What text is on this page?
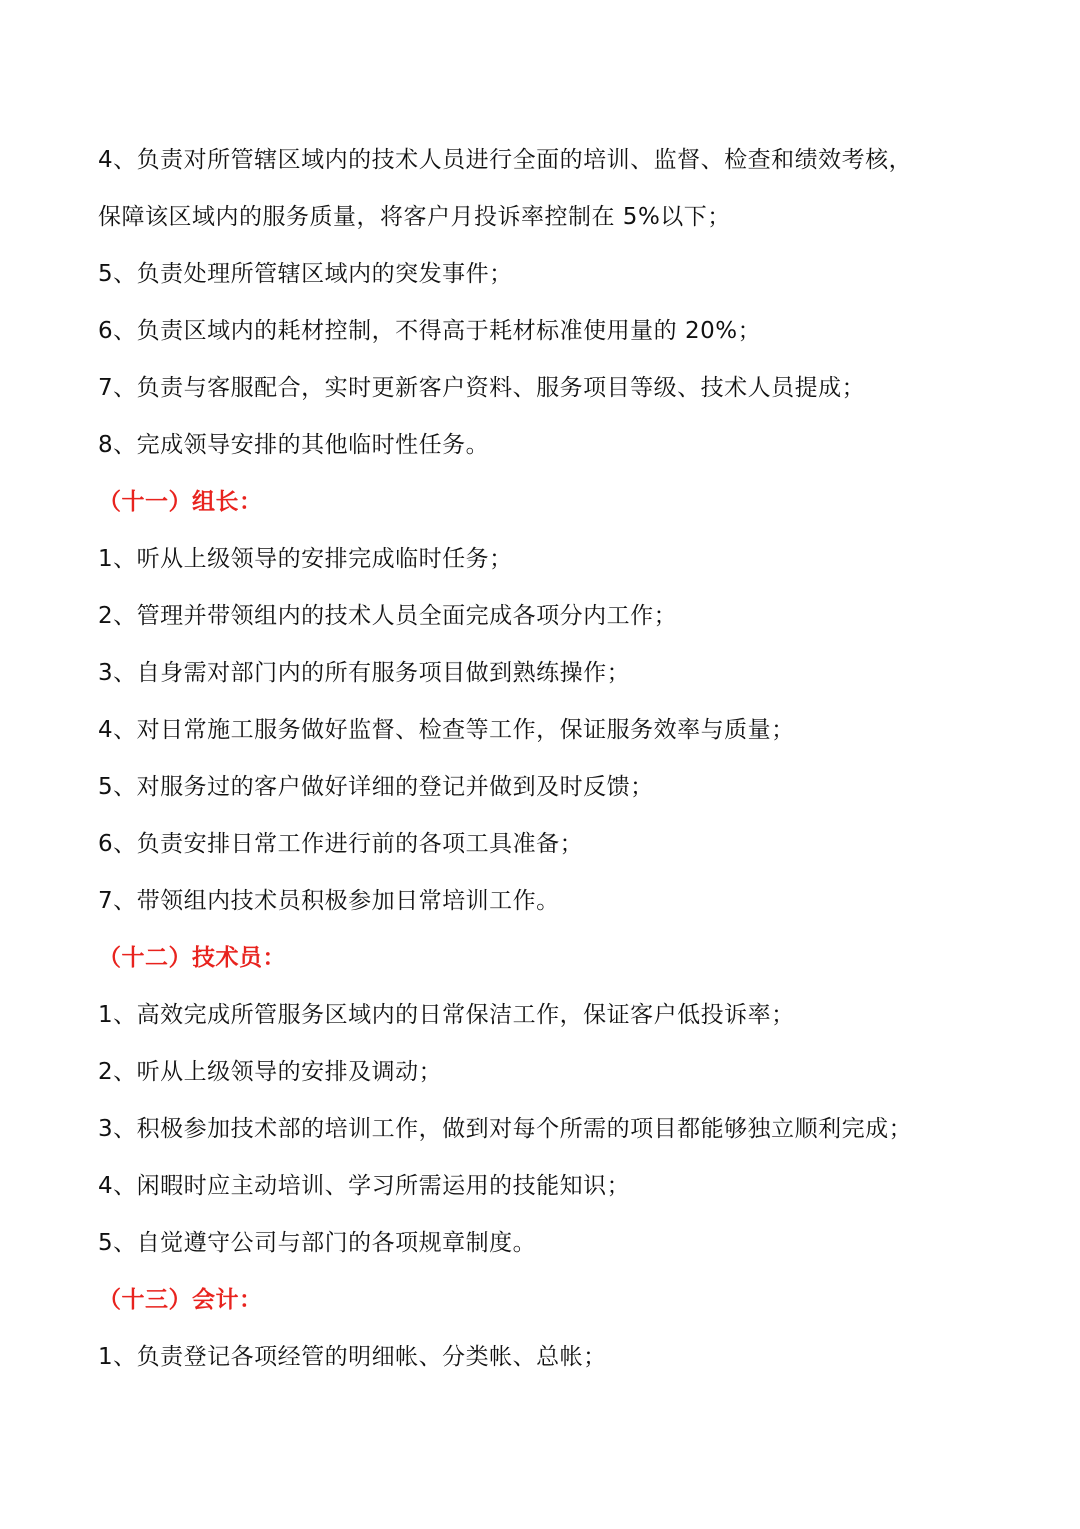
4、负责对所管辖区域内的技术人员进行全面的培训、监督、检查和绩效考核，
保障该区域内的服务质量，将客户月投诉率控制在 5%以下；
5、负责处理所管辖区域内的突发事件；
6、负责区域内的耗材控制，不得高于耗材标准使用量的 20%；
7、负责与客服配合，实时更新客户资料、服务项目等级、技术人员提成；
8、完成领导安排的其他临时性任务。
（十一）组长：
1、听从上级领导的安排完成临时任务；
2、管理并带领组内的技术人员全面完成各项分内工作；
3、自身需对部门内的所有服务项目做到熟练操作；
4、对日常施工服务做好监督、检查等工作，保证服务效率与质量；
5、对服务过的客户做好详细的登记并做到及时反馈；
6、负责安排日常工作进行前的各项工具准备；
7、带领组内技术员积极参加日常培训工作。
（十二）技术员：
1、高效完成所管服务区域内的日常保洁工作，保证客户低投诉率；
2、听从上级领导的安排及调动；
3、积极参加技术部的培训工作，做到对每个所需的项目都能够独立顺利完成；
4、闲暇时应主动培训、学习所需运用的技能知识；
5、自觉遵守公司与部门的各项规章制度。
（十三）会计：
1、负责登记各项经管的明细帐、分类帐、总帐；
